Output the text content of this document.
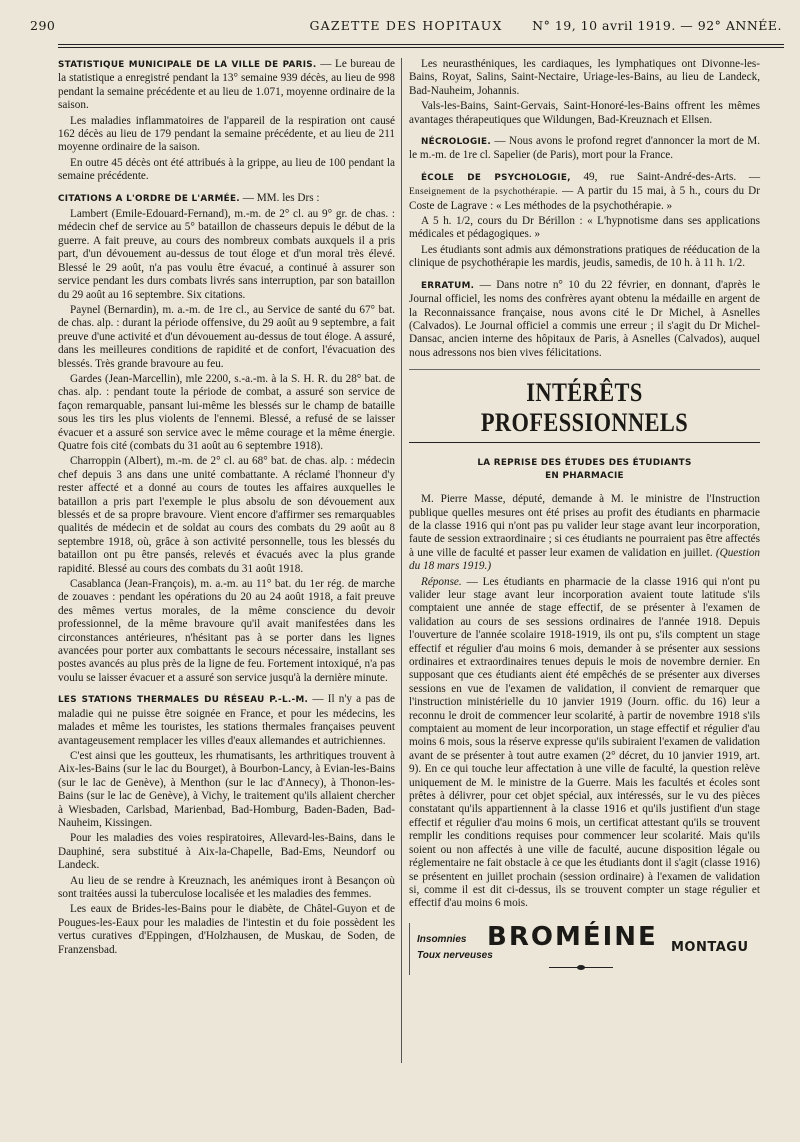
290	GAZETTE DES HOPITAUX	N° 19, 10 avril 1919. — 92° ANNÉE.

STATISTIQUE MUNICIPALE DE LA VILLE DE PARIS. — Le bureau de la statistique a enregistré pendant la 13° semaine 939 décès, au lieu de 998 pendant la semaine précédente et au lieu de 1.071, moyenne ordinaire de la saison.

Les maladies inflammatoires de l'appareil de la respiration ont causé 162 décès au lieu de 179 pendant la semaine précédente, et au lieu de 211 moyenne ordinaire de la saison.

En outre 45 décès ont été attribués à la grippe, au lieu de 100 pendant la semaine précédente.

CITATIONS A L'ORDRE DE L'ARMÉE. — MM. les Drs :

Lambert (Emile-Edouard-Fernand), m.-m. de 2° cl. au 9° gr. de chas. : médecin chef de service au 5° bataillon de chasseurs depuis le début de la guerre. A fait preuve, au cours des nombreux combats auxquels il a pris part, d'un dévouement au-dessus de tout éloge et d'un moral très élevé. Blessé le 29 août, n'a pas voulu être évacué, a continué à assurer son service pendant les durs combats livrés sans interruption, par son bataillon du 29 août au 16 septembre. Six citations.

Paynel (Bernardin), m. a.-m. de 1re cl., au Service de santé du 67° bat. de chas. alp. : durant la période offensive, du 29 août au 9 septembre, a fait preuve d'une activité et d'un dévouement au-dessus de tout éloge. A assuré, dans les meilleures conditions de rapidité et de confort, l'évacuation des blessés. Très grande bravoure au feu.

Gardes (Jean-Marcellin), mle 2200, s.-a.-m. à la S. H. R. du 28° bat. de chas. alp. : pendant toute la période de combat, a assuré son service de façon remarquable, pansant lui-même les blessés sur le champ de bataille sous les tirs les plus violents de l'ennemi. Blessé, a refusé de se laisser évacuer et a assuré son service avec le même courage et la même énergie. Quatre fois cité (combats du 31 août au 6 septembre 1918).

Charroppin (Albert), m.-m. de 2° cl. au 68° bat. de chas. alp. : médecin chef depuis 3 ans dans une unité combattante. A réclamé l'honneur d'y rester affecté et a donné au cours de toutes les affaires auxquelles le bataillon a pris part l'exemple le plus absolu de son dévouement aux blessés et de sa propre bravoure. Vient encore d'affirmer ses remarquables qualités de médecin et de soldat au cours des combats du 29 août au 8 septembre 1918, où, grâce à son activité personnelle, tous les blessés du bataillon ont pu être pansés, relevés et évacués avec la plus grande rapidité. Blessé au cours des combats du 31 août 1918.

Casablanca (Jean-François), m. a.-m. au 11° bat. du 1er rég. de marche de zouaves : pendant les opérations du 20 au 24 août 1918, a fait preuve des mêmes vertus morales, de la même conscience du devoir professionnel, de la même bravoure qu'il avait manifestées dans les circonstances antérieures, n'hésitant pas à se porter dans les lignes avancées pour porter aux combattants le secours nécessaire, installant ses postes avancés au plus près de la ligne de feu. Fortement intoxiqué, n'a pas voulu se laisser évacuer et a assuré son service jusqu'à la dernière minute.

LES STATIONS THERMALES DU RÉSEAU P.-L.-M. — Il n'y a pas de maladie qui ne puisse être soignée en France, et pour les médecins, les malades et même les touristes, les stations thermales françaises peuvent avantageusement remplacer les villes d'eaux allemandes et autrichiennes.

C'est ainsi que les goutteux, les rhumatisants, les arthritiques trouvent à Aix-les-Bains (sur le lac du Bourget), à Bourbon-Lancy, à Evian-les-Bains (sur le lac de Genève), à Menthon (sur le lac d'Annecy), à Thonon-les-Bains (sur le lac de Genève), à Vichy, le traitement qu'ils allaient chercher à Wiesbaden, Carlsbad, Marienbad, Bad-Homburg, Baden-Baden, Bad-Nauheim, Kissingen.

Pour les maladies des voies respiratoires, Allevard-les-Bains, dans le Dauphiné, sera substitué à Aix-la-Chapelle, Bad-Ems, Neundorf ou Landeck.

Au lieu de se rendre à Kreuznach, les anémiques iront à Besançon où sont traitées aussi la tuberculose localisée et les maladies des femmes.

Les eaux de Brides-les-Bains pour le diabète, de Châtel-Guyon et de Pougues-les-Eaux pour les maladies de l'intestin et du foie possèdent les vertus curatives d'Eppingen, d'Holzhausen, de Muskau, de Soden, de Franzensbad.

Les neurasthéniques, les cardiaques, les lymphatiques ont Divonne-les-Bains, Royat, Salins, Saint-Nectaire, Uriage-les-Bains, au lieu de Landeck, Bad-Nauheim, Johannis.

Vals-les-Bains, Saint-Gervais, Saint-Honoré-les-Bains offrent les mêmes avantages thérapeutiques que Wildungen, Bad-Kreuznach et Ellsen.

NÉCROLOGIE. — Nous avons le profond regret d'annoncer la mort de M. le m.-m. de 1re cl. Sapelier (de Paris), mort pour la France.

ÉCOLE DE PSYCHOLOGIE, 49, rue Saint-André-des-Arts. — Enseignement de la psychothérapie. — A partir du 15 mai, à 5 h., cours du Dr Coste de Lagrave : « Les méthodes de la psychothérapie. »

A 5 h. 1/2, cours du Dr Bérillon : « L'hypnotisme dans ses applications médicales et pédagogiques. »

Les étudiants sont admis aux démonstrations pratiques de rééducation de la clinique de psychothérapie les mardis, jeudis, samedis, de 10 h. à 11 h. 1/2.

ERRATUM. — Dans notre n° 10 du 22 février, en donnant, d'après le Journal officiel, les noms des confrères ayant obtenu la médaille en argent de la Reconnaissance française, nous avons cité le Dr Michel, à Asnelles (Calvados). Le Journal officiel a commis une erreur ; il s'agit du Dr Michel-Dansac, ancien interne des hôpitaux de Paris, à Asnelles (Calvados), auquel nous adressons nos bien vives félicitations.

INTÉRÊTS PROFESSIONNELS
LA REPRISE DES ÉTUDES DES ÉTUDIANTS
EN PHARMACIE

M. Pierre Masse, député, demande à M. le ministre de l'Instruction publique quelles mesures ont été prises au profit des étudiants en pharmacie de la classe 1916 qui n'ont pas pu valider leur stage avant leur incorporation, faute de session extraordinaire ; si ces étudiants ne pourraient pas être affectés à une ville de faculté et passer leur examen de validation en juillet. (Question du 18 mars 1919.)

Réponse. — Les étudiants en pharmacie de la classe 1916 qui n'ont pu valider leur stage avant leur incorporation avaient toute latitude s'ils comptaient une année de stage effectif, de se présenter à l'examen de validation au cours de ses sessions ordinaires de l'année 1918. Depuis l'ouverture de l'année scolaire 1918-1919, ils ont pu, s'ils comptent un stage effectif et régulier d'au moins 6 mois, demander à se présenter aux sessions ordinaires et extraordinaires tenues depuis le mois de novembre dernier. En supposant que ces étudiants aient été empêchés de se présenter aux diverses sessions en vue de l'examen de validation, il convient de remarquer que l'instruction ministérielle du 10 janvier 1919 (Journ. offic. du 16) leur a reconnu le droit de commencer leur scolarité, à partir de novembre 1918 s'ils comptaient au moment de leur incorporation, un stage effectif et régulier d'au moins 6 mois, sous la réserve expresse qu'ils subiraient l'examen de validation avant de se présenter à tout autre examen (2° décret, du 10 janvier 1919, art. 9). En ce qui touche leur affectation à une ville de faculté, la question relève uniquement de M. le ministre de la Guerre. Mais les facultés et écoles sont prêtes à délivrer, pour cet objet spécial, aux intéressés, sur le vu des pièces constatant qu'ils appartiennent à la classe 1916 et qu'ils justifient d'un stage effectif et régulier d'au moins 6 mois, un certificat attestant qu'ils se trouvent remplir les conditions requises pour commencer leur scolarité. Mais qu'ils soient ou non affectés à une ville de faculté, aucune disposition légale ou réglementaire ne fait obstacle à ce que les étudiants dont il s'agit (classe 1916) se présentent en juillet prochain (session ordinaire) à l'examen de validation si, comme il est dit ci-dessus, ils se trouvent compter un stage régulier et effectif d'au moins 6 mois.

Insomnies
Toux nerveuses
BROMÉINE MONTAGU
